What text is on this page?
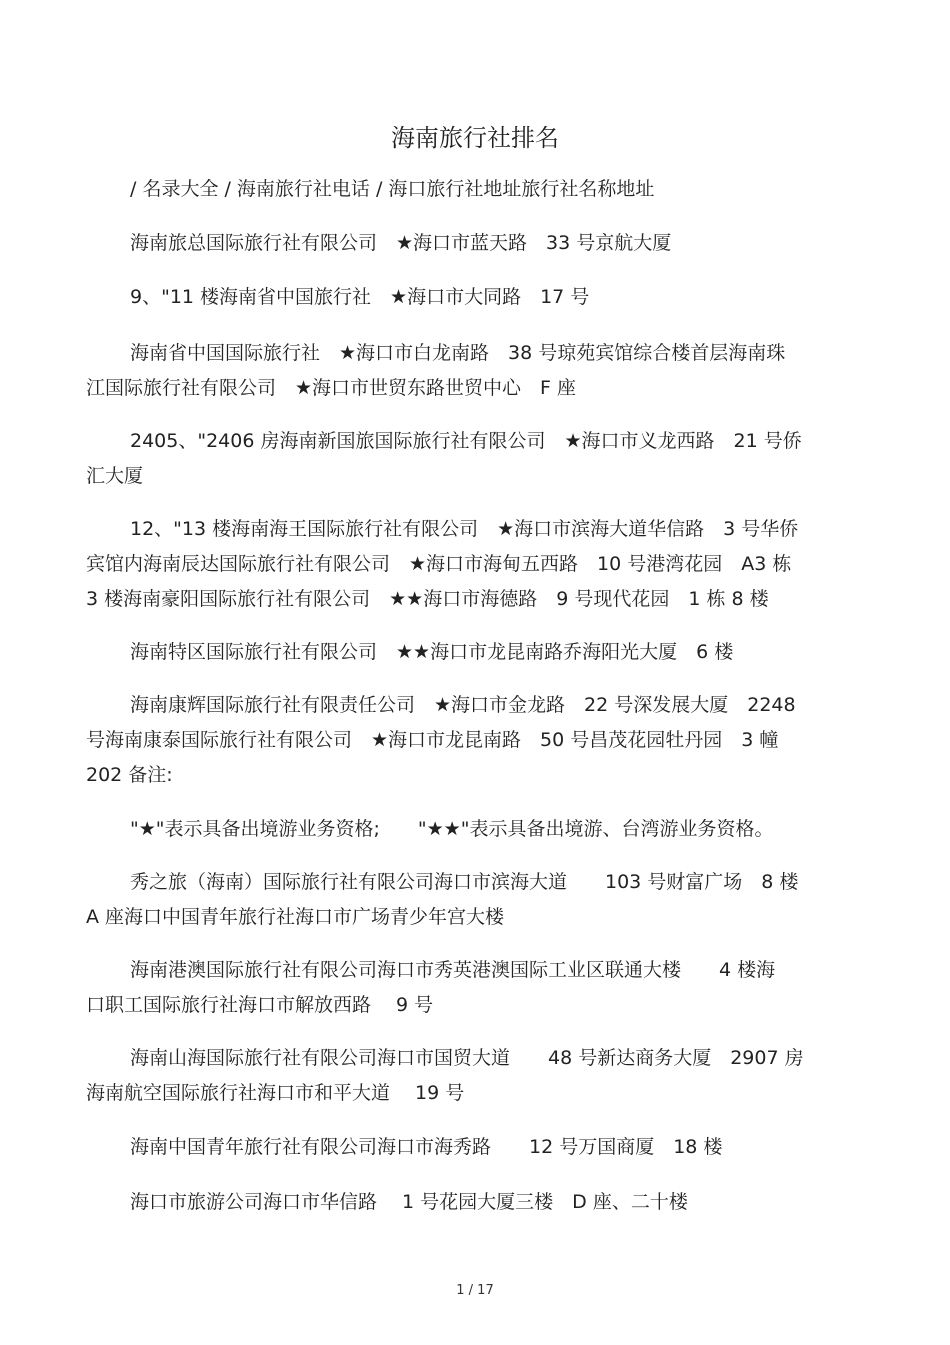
海南旅行社排名
/ 名录大全 / 海南旅行社电话 / 海口旅行社地址旅行社名称地址
海南旅总国际旅行社有限公司　★海口市蓝天路　33 号京航大厦
9、"11 楼海南省中国旅行社　★海口市大同路　17 号
海南省中国国际旅行社　★海口市白龙南路　38 号琼苑宾馆综合楼首层海南珠
江国际旅行社有限公司　★海口市世贸东路世贸中心　F 座
2405、"2406 房海南新国旅国际旅行社有限公司　★海口市义龙西路　21 号侨
汇大厦
12、"13 楼海南海王国际旅行社有限公司　★海口市滨海大道华信路　3 号华侨
宾馆内海南辰达国际旅行社有限公司　★海口市海甸五西路　10 号港湾花园　A3 栋
3 楼海南豪阳国际旅行社有限公司　★★海口市海德路　9 号现代花园　1 栋 8 楼
海南特区国际旅行社有限公司　★★海口市龙昆南路乔海阳光大厦　6 楼
海南康辉国际旅行社有限责任公司　★海口市金龙路　22 号深发展大厦　2248
号海南康泰国际旅行社有限公司　★海口市龙昆南路　50 号昌茂花园牡丹园　3 幢
202 备注:
"★"表示具备出境游业务资格;　　"★★"表示具备出境游、台湾游业务资格。
秀之旅（海南）国际旅行社有限公司海口市滨海大道　　103 号财富广场　8 楼
A 座海口中国青年旅行社海口市广场青少年宫大楼
海南港澳国际旅行社有限公司海口市秀英港澳国际工业区联通大楼　　4 楼海
口职工国际旅行社海口市解放西路　 9 号
海南山海国际旅行社有限公司海口市国贸大道　　48 号新达商务大厦　2907 房
海南航空国际旅行社海口市和平大道　 19 号
海南中国青年旅行社有限公司海口市海秀路　　12 号万国商厦　18 楼
海口市旅游公司海口市华信路　 1 号花园大厦三楼　D 座、二十楼
1 / 17
